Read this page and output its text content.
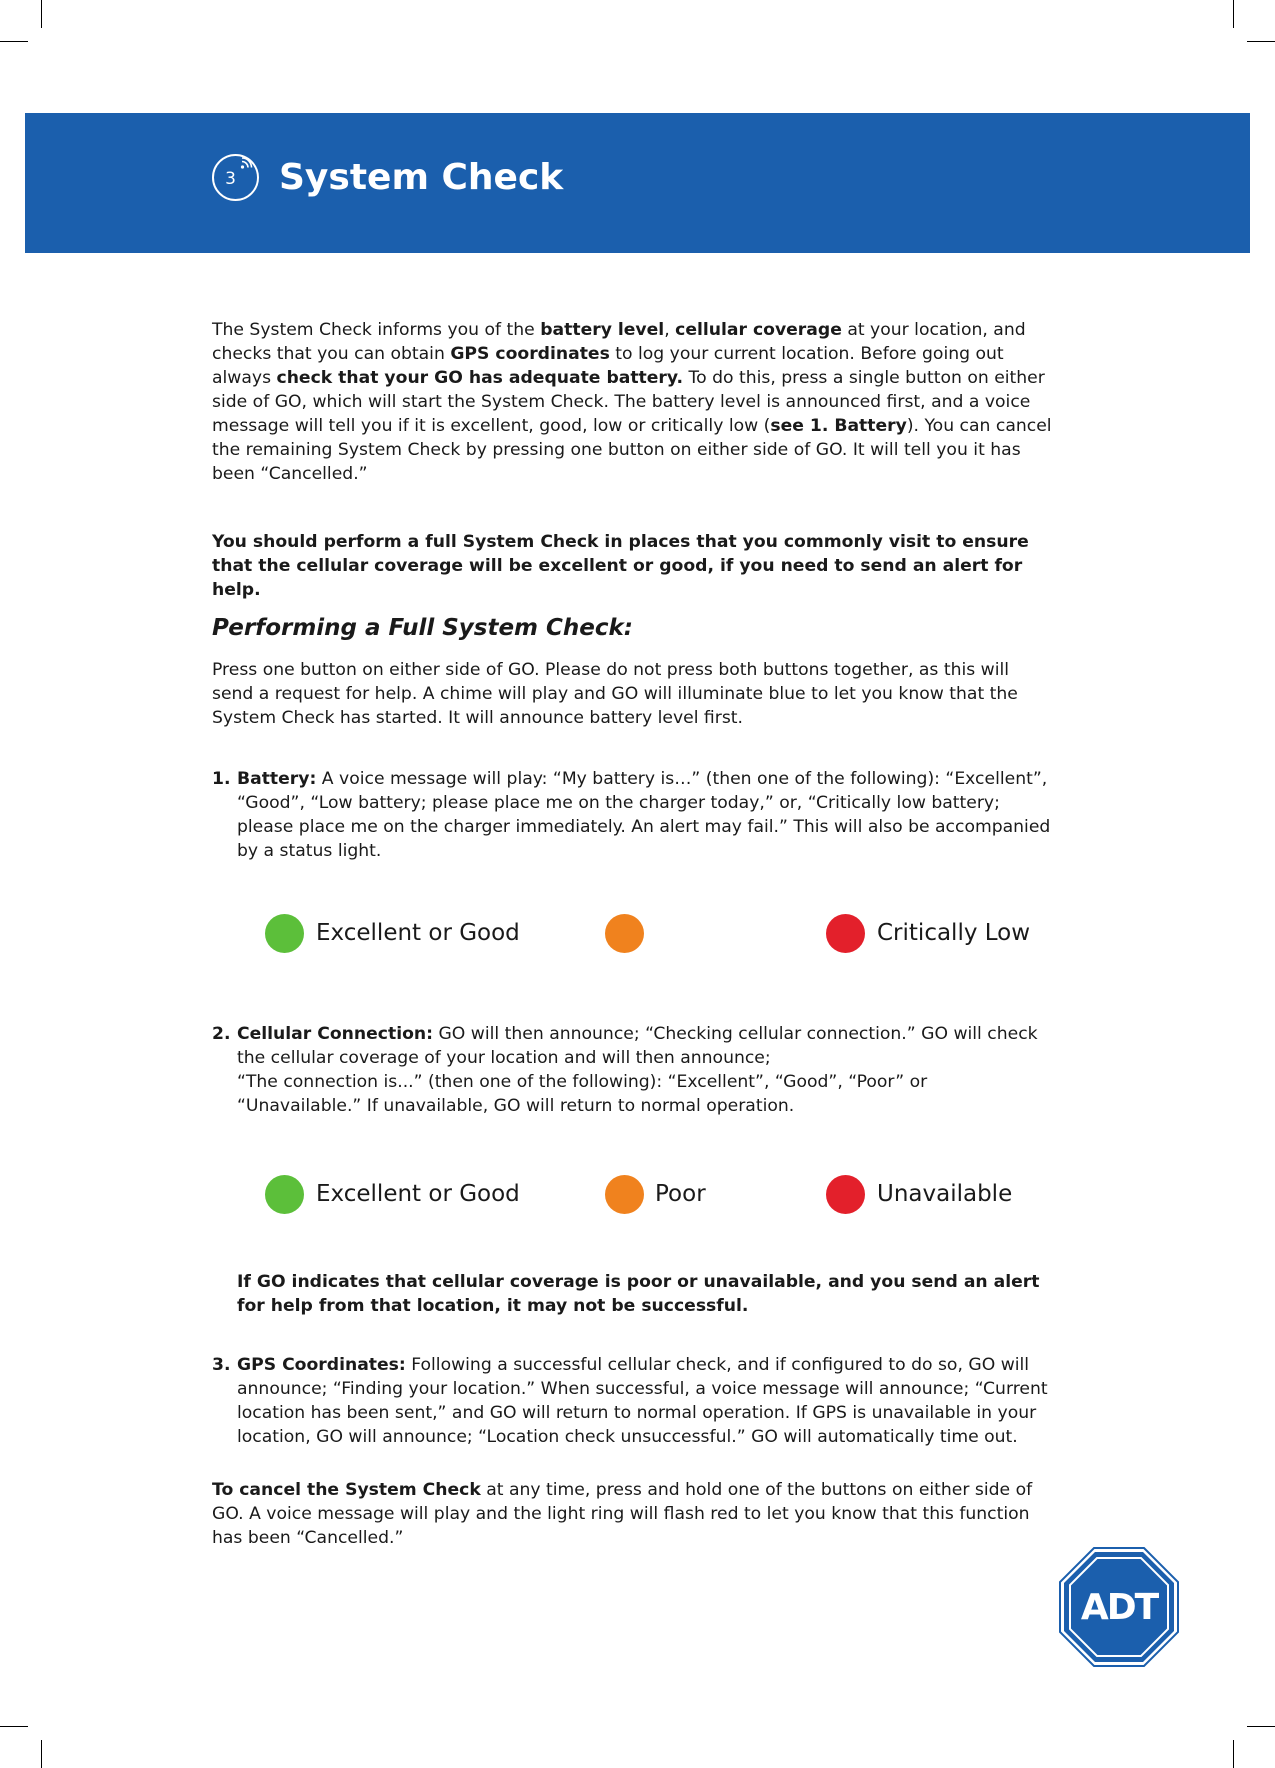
3 System Check

The System Check informs you of the battery level, cellular coverage at your location, and checks that you can obtain GPS coordinates to log your current location. Before going out always check that your GO has adequate battery. To do this, press a single button on either side of GO, which will start the System Check. The battery level is announced first, and a voice message will tell you if it is excellent, good, low or critically low (see 1. Battery). You can cancel the remaining System Check by pressing one button on either side of GO. It will tell you it has been “Cancelled.”

You should perform a full System Check in places that you commonly visit to ensure that the cellular coverage will be excellent or good, if you need to send an alert for help.
Performing a Full System Check:
Press one button on either side of GO. Please do not press both buttons together, as this will send a request for help. A chime will play and GO will illuminate blue to let you know that the System Check has started. It will announce battery level first.
1. Battery: A voice message will play: “My battery is…” (then one of the following): “Excellent”, “Good”, “Low battery; please place me on the charger today,” or, “Critically low battery; please place me on the charger immediately. An alert may fail.” This will also be accompanied by a status light.
Excellent or Good	Critically Low
2. Cellular Connection: GO will then announce; “Checking cellular connection.” GO will check the cellular coverage of your location and will then announce;
“The connection is...” (then one of the following): “Excellent”, “Good”, “Poor” or “Unavailable.” If unavailable, GO will return to normal operation.
Excellent or Good	Poor	Unavailable
If GO indicates that cellular coverage is poor or unavailable, and you send an alert for help from that location, it may not be successful.
3. GPS Coordinates: Following a successful cellular check, and if configured to do so, GO will announce; “Finding your location.” When successful, a voice message will announce; “Current location has been sent,” and GO will return to normal operation. If GPS is unavailable in your location, GO will announce; “Location check unsuccessful.” GO will automatically time out.

To cancel the System Check at any time, press and hold one of the buttons on either side of GO. A voice message will play and the light ring will flash red to let you know that this function has been “Cancelled.”

ADT
